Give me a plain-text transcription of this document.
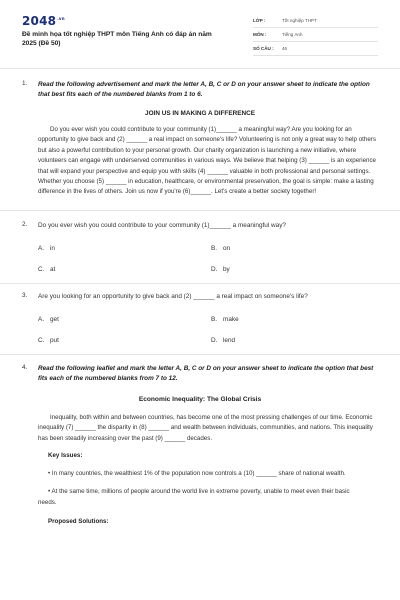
$2048^{.vn}$
Đề minh họa tốt nghiệp THPT môn Tiếng Anh có đáp án năm 2025 (Đề 50)
LỚP :	Tốt nghiệp THPT
MÔN :	Tiếng Anh
SỐ CÂU :	46
1. Read the following advertisement and mark the letter A, B, C or D on your answer sheet to indicate the option that best fits each of the numbered blanks from 1 to 6.
JOIN US IN MAKING A DIFFERENCE
Do you ever wish you could contribute to your community (1)______ a meaningful way? Are you looking for an opportunity to give back and (2) ______ a real impact on someone's life? Volunteering is not only a great way to help others but also a powerful contribution to your personal growth. Our charity organization is launching a new initiative, where volunteers can engage with underserved communities in various ways. We believe that helping (3) ______ is an experience that will expand your perspective and equip you with skills (4) ______ valuable in both professional and personal settings. Whether you choose (5) ______ in education, healthcare, or environmental preservation, the goal is simple: make a lasting difference in the lives of others. Join us now if you're (6)______. Let's create a better society together!
2. Do you ever wish you could contribute to your community (1)______ a meaningful way?
A. in	B. on
C. at	D. by
3. Are you looking for an opportunity to give back and (2) ______ a real impact on someone's life?
A. get	B. make
C. put	D. lend
4. Read the following leaflet and mark the letter A, B, C or D on your answer sheet to indicate the option that best fits each of the numbered blanks from 7 to 12.
Economic Inequality: The Global Crisis
Inequality, both within and between countries, has become one of the most pressing challenges of our time. Economic inequality (7) ______ the disparity in (8) ______ and wealth between individuals, communities, and nations. This inequality has been steadily increasing over the past (9) ______ decades.
Key Issues:
• In many countries, the wealthiest 1% of the population now controls a (10) ______ share of national wealth.
• At the same time, millions of people around the world live in extreme poverty, unable to meet even their basic needs.
Proposed Solutions:
